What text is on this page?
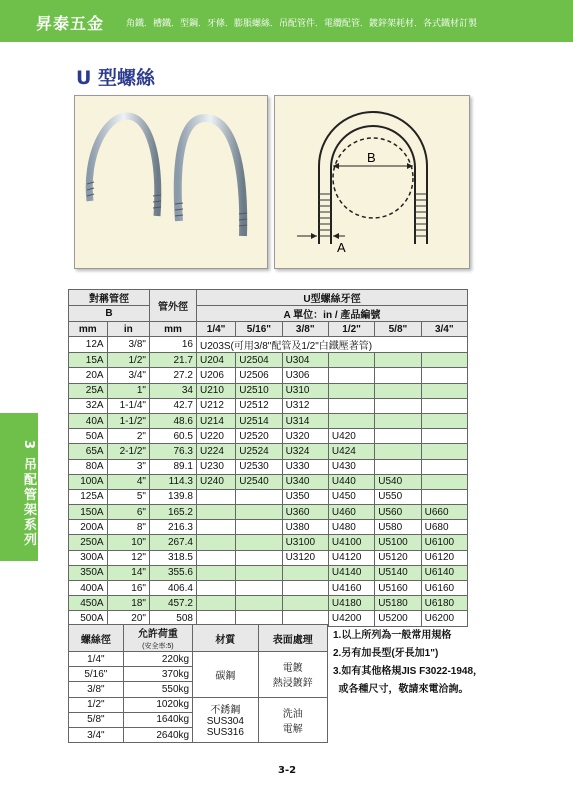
昇泰五金 角鐵．槽鐵．型鋼．牙條．膨脹螺絲．吊配管件．電纜配管．鍍鋅架耗材．各式鐵材訂製
U 型螺絲
B
A
3 吊配管架系列
對稱管徑		管外徑	U型螺絲牙徑					
B			A 單位：in / 產品編號					
mm	in	mm	1/4"	5/16"	3/8"	1/2"	5/8"	3/4"
12A	3/8"	16	U203S(可用3/8"配管及1/2"白鐵壓著管)					
15A	1/2"	21.7	U204	U2504	U304			
20A	3/4"	27.2	U206	U2506	U306			
25A	1"	34	U210	U2510	U310			
32A	1-1/4"	42.7	U212	U2512	U312			
40A	1-1/2"	48.6	U214	U2514	U314			
50A	2"	60.5	U220	U2520	U320	U420		
65A	2-1/2"	76.3	U224	U2524	U324	U424		
80A	3"	89.1	U230	U2530	U330	U430		
100A	4"	114.3	U240	U2540	U340	U440	U540	
125A	5"	139.8			U350	U450	U550	
150A	6"	165.2			U360	U460	U560	U660
200A	8"	216.3			U380	U480	U580	U680
250A	10"	267.4			U3100	U4100	U5100	U6100
300A	12"	318.5			U3120	U4120	U5120	U6120
350A	14"	355.6				U4140	U5140	U6140
400A	16"	406.4				U4160	U5160	U6160
450A	18"	457.2				U4180	U5180	U6180
500A	20"	508				U4200	U5200	U6200
螺絲徑	允許荷重
(安全率:5)	材質	表面處理
1/4"	220kg	碳鋼	電鍍
熱浸鍍鋅
5/16"	370kg		
3/8"	550kg		
1/2"	1020kg	不銹鋼
SUS304
SUS316	洗油
電解
5/8"	1640kg		
3/4"	2640kg		
1.以上所列為一般常用規格
2.另有加長型(牙長加1")
3.如有其他格規JIS F3022-1948，
或各種尺寸，敬請來電洽詢。
3-2
